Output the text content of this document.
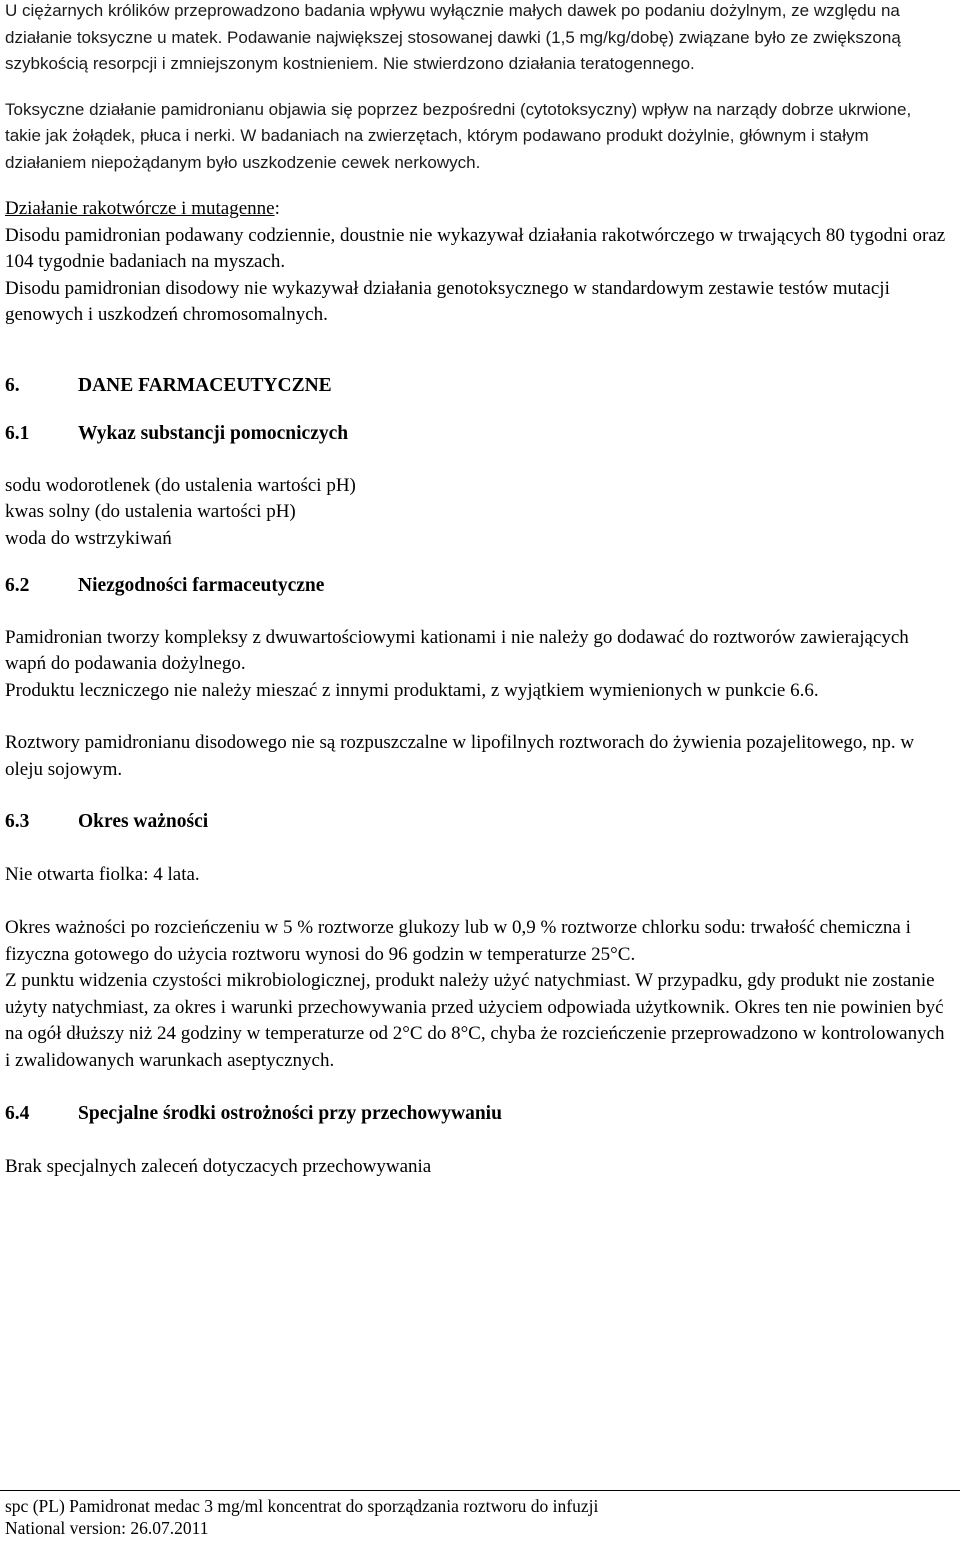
U ciężarnych królików przeprowadzono badania wpływu wyłącznie małych dawek po podaniu dożylnym, ze względu na działanie toksyczne u matek. Podawanie największej stosowanej dawki (1,5 mg/kg/dobę) związane było ze zwiększoną szybkością resorpcji i zmniejszonym kostnieniem. Nie stwierdzono działania teratogennego.

Toksyczne działanie pamidronianu objawia się poprzez bezpośredni (cytotoksyczny) wpływ na narządy dobrze ukrwione, takie jak żołądek, płuca i nerki. W badaniach na zwierzętach, którym podawano produkt dożylnie, głównym i stałym działaniem niepożądanym było uszkodzenie cewek nerkowych.

Działanie rakotwórcze i mutagenne:

Disodu pamidronian podawany codziennie, doustnie nie wykazywał działania rakotwórczego w trwających 80 tygodni oraz 104 tygodnie badaniach na myszach.

Disodu pamidronian disodowy nie wykazywał działania genotoksycznego w standardowym zestawie testów mutacji genowych i uszkodzeń chromosomalnych.

6.	DANE FARMACEUTYCZNE
6.1	Wykaz substancji pomocniczych

sodu wodorotlenek (do ustalenia wartości pH)

kwas solny (do ustalenia wartości pH)

woda do wstrzykiwań

6.2	Niezgodności farmaceutyczne

Pamidronian tworzy kompleksy z dwuwartościowymi kationami i nie należy go dodawać do roztworów zawierających wapń do podawania dożylnego.

Produktu leczniczego nie należy mieszać z innymi produktami, z wyjątkiem wymienionych w punkcie 6.6.

Roztwory pamidronianu disodowego nie są rozpuszczalne w lipofilnych roztworach do żywienia pozajelitowego, np. w oleju sojowym.

6.3	Okres ważności

Nie otwarta fiolka: 4 lata.

Okres ważności po rozcieńczeniu w 5 % roztworze glukozy lub w 0,9 % roztworze chlorku sodu: trwałość chemiczna i fizyczna gotowego do użycia roztworu wynosi do 96 godzin w temperaturze 25°C.

Z punktu widzenia czystości mikrobiologicznej, produkt należy użyć natychmiast. W przypadku, gdy produkt nie zostanie użyty natychmiast, za okres i warunki przechowywania przed użyciem odpowiada użytkownik. Okres ten nie powinien być na ogół dłuższy niż 24 godziny w temperaturze od 2°C do 8°C, chyba że rozcieńczenie przeprowadzono w kontrolowanych i zwalidowanych warunkach aseptycznych.

6.4	Specjalne środki ostrożności przy przechowywaniu

Brak specjalnych zaleceń dotyczacych przechowywania

spc (PL) Pamidronat medac 3 mg/ml koncentrat do sporządzania roztworu do infuzji

National version: 26.07.2011
